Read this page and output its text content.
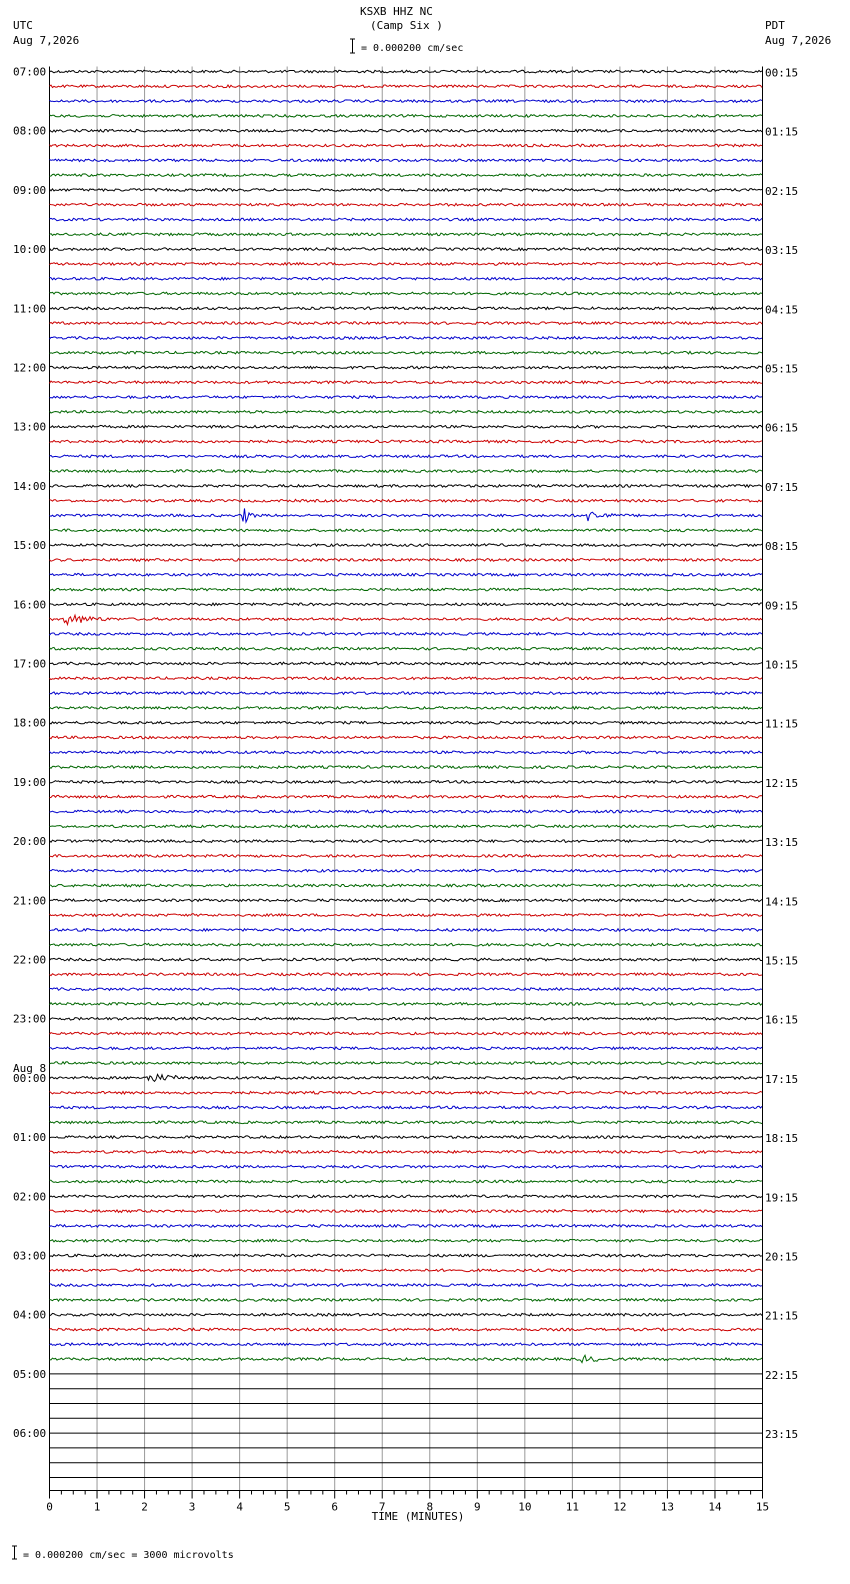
07:00
08:00
09:00
10:00
11:00
12:00
13:00
14:00
15:00
16:00
17:00
18:00
19:00
20:00
21:00
22:00
23:00
00:00
01:00
02:00
03:00
04:00
05:00
06:00
00:15
01:15
02:15
03:15
04:15
05:15
06:15
07:15
08:15
09:15
10:15
11:15
12:15
13:15
14:15
15:15
16:15
17:15
18:15
19:15
20:15
21:15
22:15
23:15
0	1	2	3	4	5	6	7	8	9	10	11	12	13	14	15
KSXB HHZ NC
(Camp Six )
UTC
Aug 7,2026
PDT
Aug 7,2026
= 0.000200 cm/sec
= 0.000200 cm/sec = 3000 microvolts
Aug 8
TIME (MINUTES)
